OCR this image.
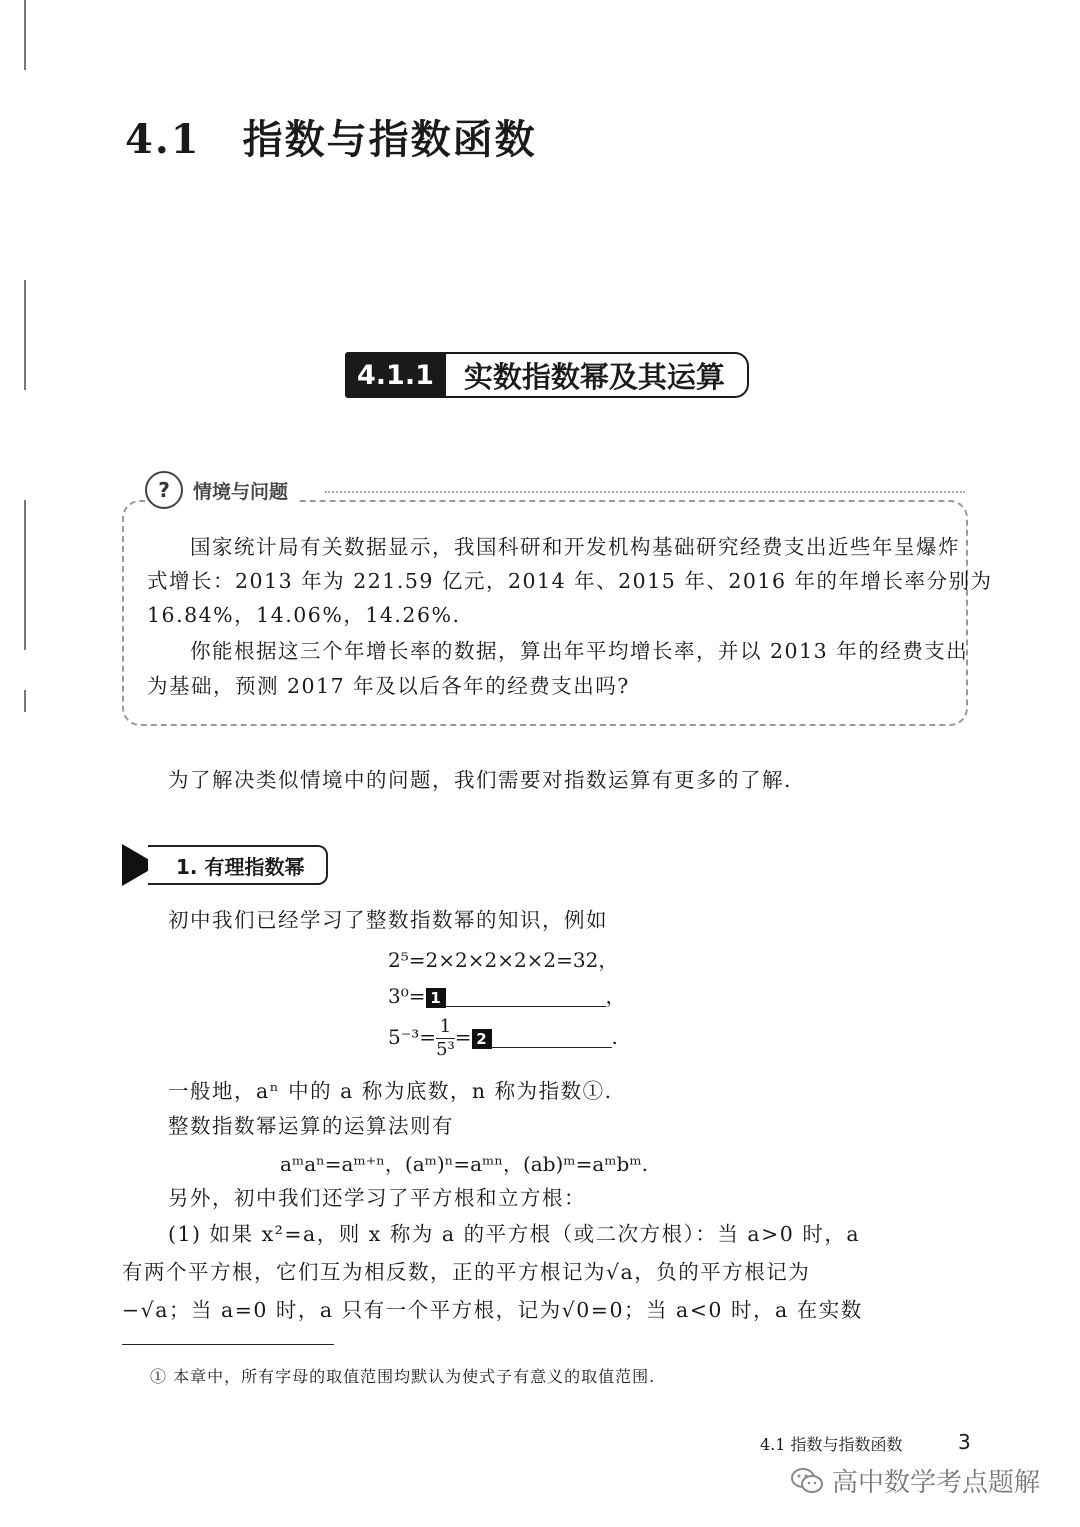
4.1 指数与指数函数
4.1.1	实数指数幂及其运算
?	情境与问题
国家统计局有关数据显示，我国科研和开发机构基础研究经费支出近些年呈爆炸
式增长：2013 年为 221.59 亿元，2014 年、2015 年、2016 年的年增长率分别为
16.84%，14.06%，14.26%.
你能根据这三个年增长率的数据，算出年平均增长率，并以 2013 年的经费支出
为基础，预测 2017 年及以后各年的经费支出吗?
为了解决类似情境中的问题，我们需要对指数运算有更多的了解.
1. 有理指数幂
初中我们已经学习了整数指数幂的知识，例如
2⁵=2×2×2×2×2=32，
3⁰= 1	，
$5^{-3}= \frac{1}{\text{5³}} = 2$	.
一般地，aⁿ 中的 a 称为底数，n 称为指数①.
整数指数幂运算的运算法则有
aᵐaⁿ=aᵐ⁺ⁿ，(aᵐ)ⁿ=aᵐⁿ，(ab)ᵐ=aᵐbᵐ.
另外，初中我们还学习了平方根和立方根：
(1) 如果 x²=a，则 x 称为 a 的平方根（或二次方根）：当 a>0 时，a
有两个平方根，它们互为相反数，正的平方根记为√a，负的平方根记为
−√a；当 a=0 时，a 只有一个平方根，记为√0=0；当 a<0 时，a 在实数
① 本章中，所有字母的取值范围均默认为使式子有意义的取值范围.
4.1 指数与指数函数	3
高中数学考点题解
